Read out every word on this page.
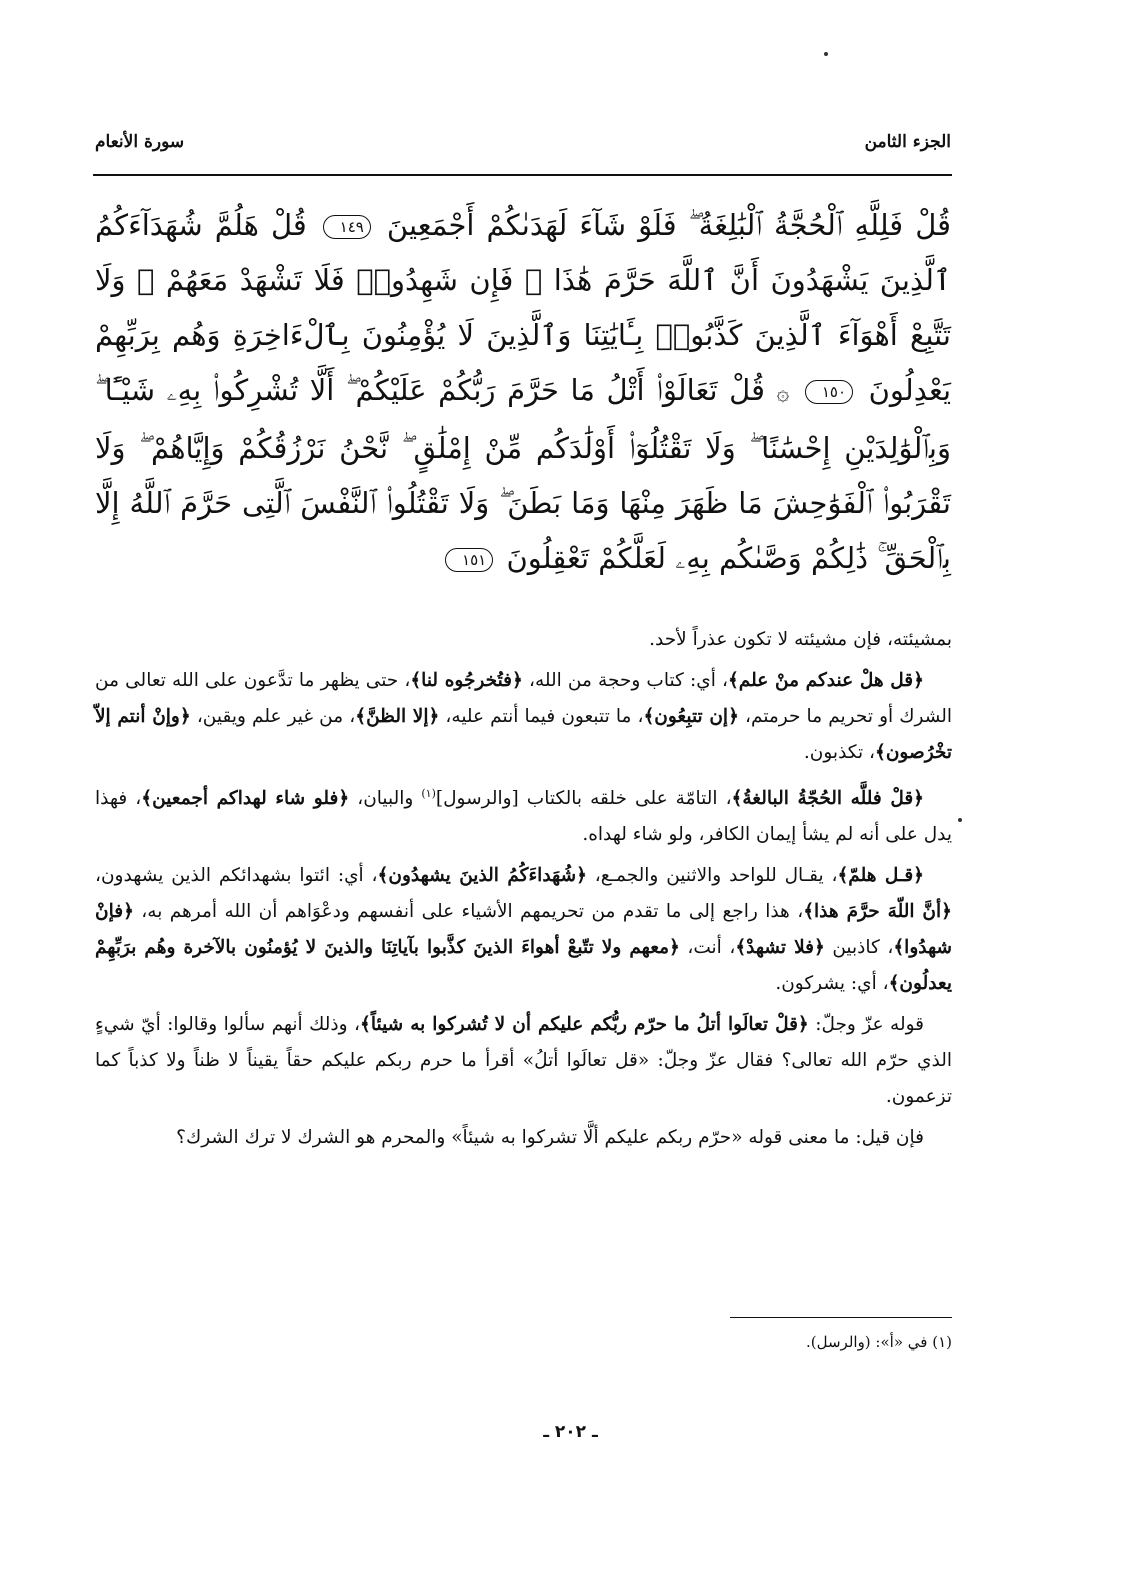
الجزء الثامن
سورة الأنعام
قُلْ فَلِلَّهِ ٱلْحُجَّةُ ٱلْبَٰلِغَةُ ۖ فَلَوْ شَآءَ لَهَدَىٰكُمْ أَجْمَعِينَ ١٤٩ قُلْ هَلُمَّ شُهَدَآءَكُمُ ٱلَّذِينَ يَشْهَدُونَ أَنَّ ٱللَّهَ حَرَّمَ هَٰذَا ۖ فَإِن شَهِدُوا۟ فَلَا تَشْهَدْ مَعَهُمْ ۚ وَلَا تَتَّبِعْ أَهْوَآءَ ٱلَّذِينَ كَذَّبُوا۟ بِـَٔايَٰتِنَا وَٱلَّذِينَ لَا يُؤْمِنُونَ بِٱلْءَاخِرَةِ وَهُم بِرَبِّهِمْ يَعْدِلُونَ ١٥٠ ۞ قُلْ تَعَالَوْا۟ أَتْلُ مَا حَرَّمَ رَبُّكُمْ عَلَيْكُمْ ۖ أَلَّا تُشْرِكُوا۟ بِهِۦ شَيْـًٔا ۖ وَبِٱلْوَٰلِدَيْنِ إِحْسَٰنًا ۖ وَلَا تَقْتُلُوٓا۟ أَوْلَٰدَكُم مِّنْ إِمْلَٰقٍ ۖ نَّحْنُ نَرْزُقُكُمْ وَإِيَّاهُمْ ۖ وَلَا تَقْرَبُوا۟ ٱلْفَوَٰحِشَ مَا ظَهَرَ مِنْهَا وَمَا بَطَنَ ۖ وَلَا تَقْتُلُوا۟ ٱلنَّفْسَ ٱلَّتِى حَرَّمَ ٱللَّهُ إِلَّا بِٱلْحَقِّ ۚ ذَٰلِكُمْ وَصَّىٰكُم بِهِۦ لَعَلَّكُمْ تَعْقِلُونَ ١٥١

بمشيئته، فإن مشيئته لا تكون عذراً لأحد.

﴿قل هلْ عندكم منْ علم﴾، أي: كتاب وحجة من الله، ﴿فتُخرجُوه لنا﴾، حتى يظهر ما تدَّعون على الله تعالى من الشرك أو تحريم ما حرمتم، ﴿إن تتبِعُون﴾، ما تتبعون فيما أنتم عليه، ﴿إلا الظنَّ﴾، من غير علم ويقين، ﴿وإنْ أنتم إلاّ تخْرُصون﴾، تكذبون.

﴿قلْ فللَّه الحُجّةُ البالغةُ﴾، التامّة على خلقه بالكتاب [والرسول]$^{(١)}$ والبيان، ﴿فلو شاء لهداكم أجمعين﴾، فهذا يدل على أنه لم يشأ إيمان الكافر، ولو شاء لهداه.

﴿قـل هلمّ﴾، يقـال للواحد والاثنين والجمـع، ﴿شُهَداءَكُمُ الذينَ يشهدُون﴾، أي: ائتوا بشهدائكم الذين يشهدون، ﴿أنَّ اللّهَ حرَّمَ هذا﴾، هذا راجع إلى ما تقدم من تحريمهم الأشياء على أنفسهم ودعْوَاهم أن الله أمرهم به، ﴿فإنْ شهدُوا﴾، كاذبين ﴿فلا تشهدْ﴾، أنت، ﴿معهم ولا تتّبعْ أهواءَ الذينَ كذَّبوا بآياتِنَا والذينَ لا يُؤمنُون بالآخرة وهُم برَبِّهِمْ يعدلُون﴾، أي: يشركون.

قوله عزّ وجلّ: ﴿قلْ تعالَوا أتلُ ما حرّم ربُّكم عليكم أن لا تُشركوا به شيئاً﴾، وذلك أنهم سألوا وقالوا: أيّ شيءٍ الذي حرّم الله تعالى؟ فقال عزّ وجلّ: «قل تعالَوا أتلُ» أقرأ ما حرم ربكم عليكم حقاً يقيناً لا ظناً ولا كذباً كما تزعمون.

فإن قيل: ما معنى قوله «حرّم ربكم عليكم ألَّا تشركوا به شيئاً» والمحرم هو الشرك لا ترك الشرك؟

(١) في «أ»: (والرسل).
ـ ٢٠٢ ـ
